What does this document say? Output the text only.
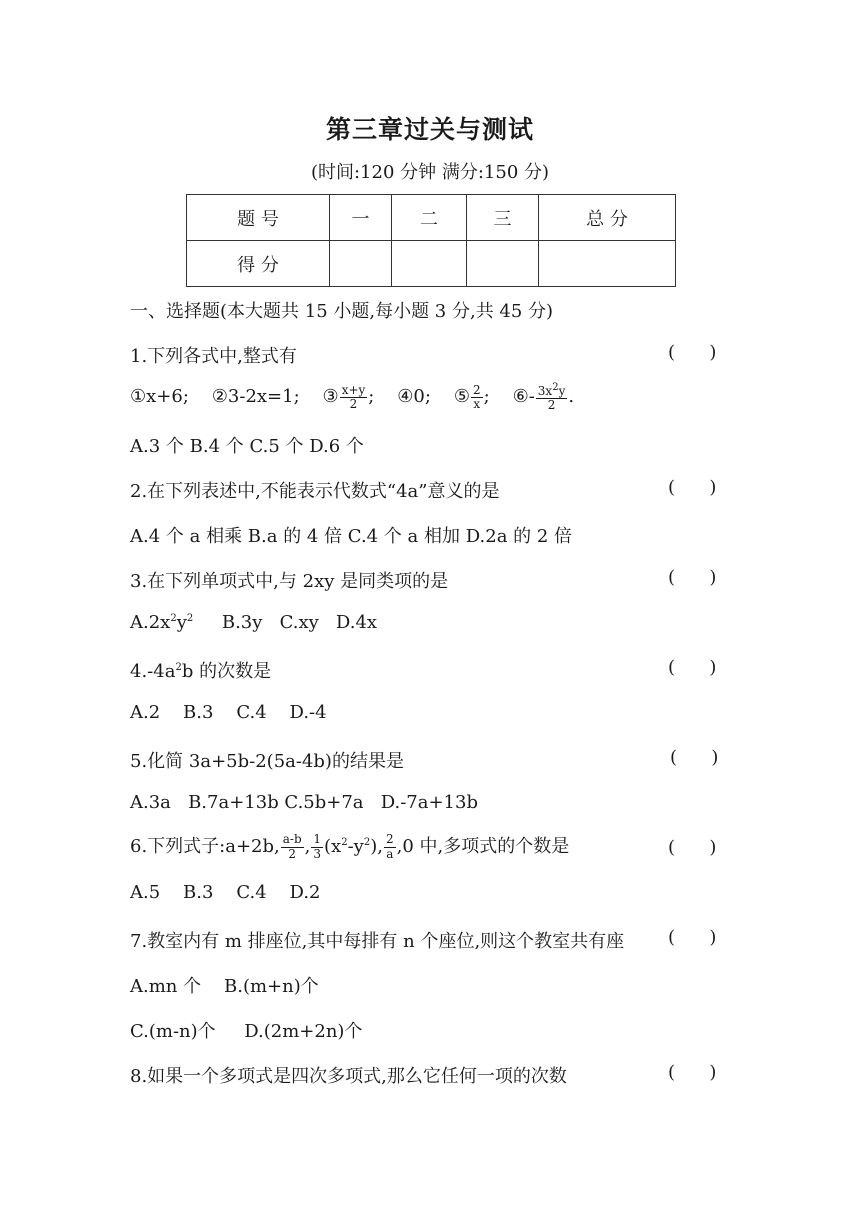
第三章过关与测试
(时间:120 分钟 满分:150 分)
题 号	一	二	三	总 分
得 分				
一、选择题(本大题共 15 小题,每小题 3 分,共 45 分)
1.下列各式中,整式有	(      )
①x+6; ②3-2x=1; ③ $\frac{x+y}{2}$ ; ④0; ⑤ $\frac{2}{x}$ ; ⑥- $\frac{3x^2y}{2}$ .
A.3 个 B.4 个 C.5 个 D.6 个
2.在下列表述中,不能表示代数式“4a”意义的是	(      )
A.4 个 a 相乘 B.a 的 4 倍 C.4 个 a 相加 D.2a 的 2 倍
3.在下列单项式中,与 2xy 是同类项的是	(      )
$A.2x^2y^2$     B.3y   C.xy   D.4x
$4.-4a^2b$ 的次数是	(      )
A.2    B.3    C.4    D.-4
5.化简 3a+5b-2(5a-4b)的结果是	(      )
A.3a   B.7a+13b C.5b+7a   D.-7a+13b
6.下列式子:a+2b, $\frac{a-b}{2}$ , $\frac{1}{3} (x^2-y^2)$, $\frac{2}{a} ,0$ 中,多项式的个数是	(      )
A.5    B.3    C.4    D.2
7.教室内有 m 排座位,其中每排有 n 个座位,则这个教室共有座 (      )
A.mn 个    B.(m+n)个
C.(m-n)个     D.(2m+2n)个
8.如果一个多项式是四次多项式,那么它任何一项的次数	(      )
